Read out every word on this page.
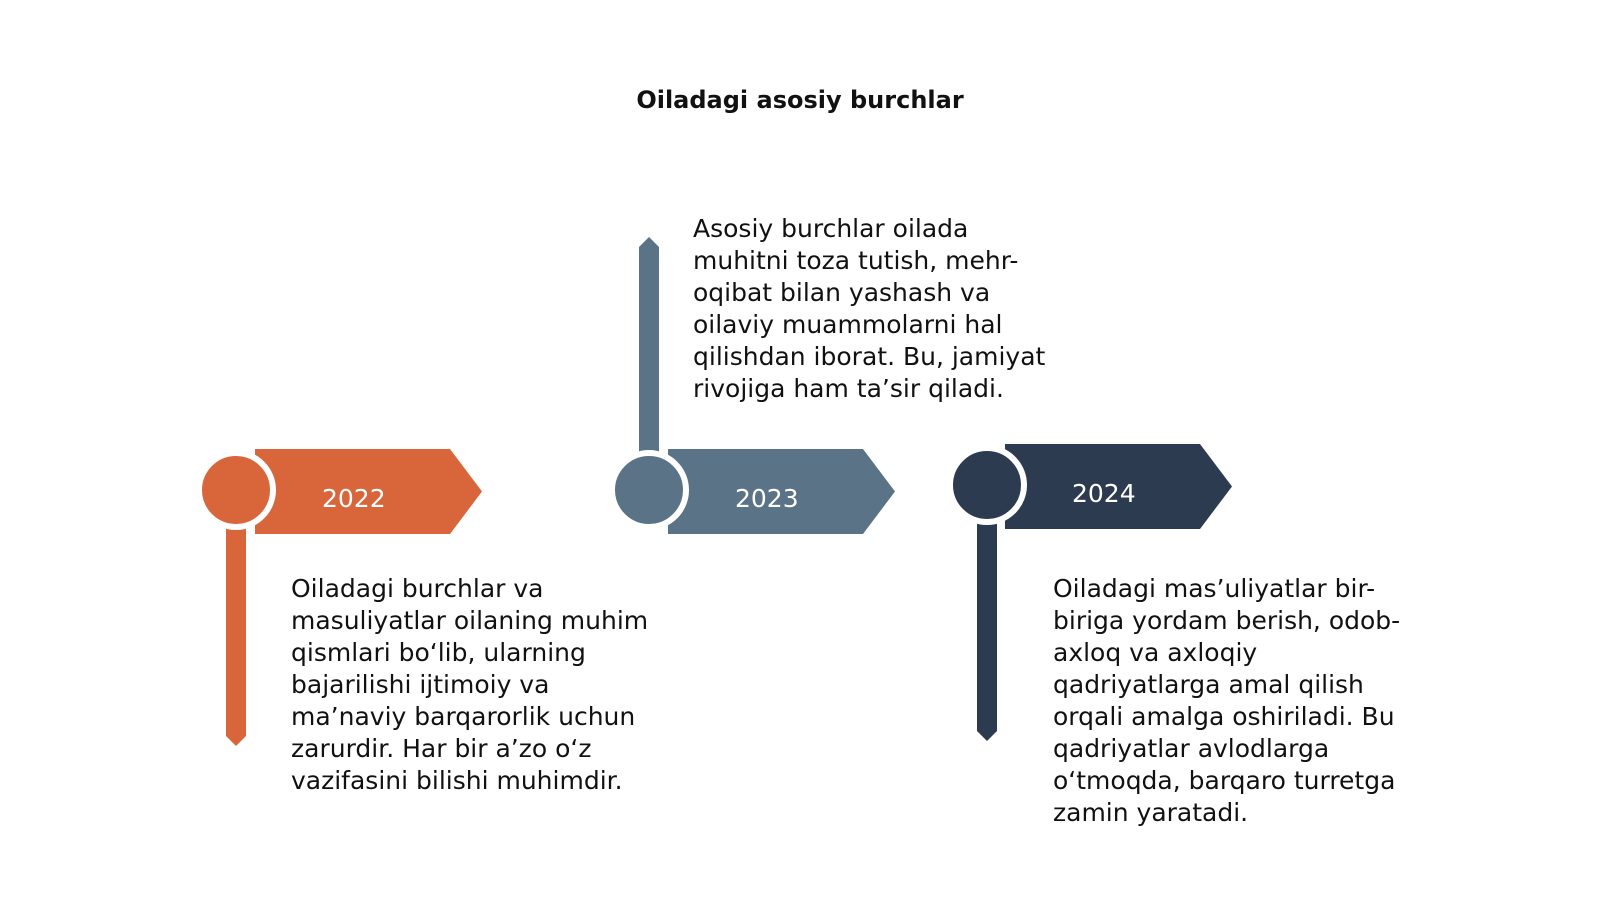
Oiladagi asosiy burchlar
2022

Oiladagi burchlar va masuliyatlar oilaning muhim qismlari bo‘lib, ularning bajarilishi ijtimoiy va ma’naviy barqarorlik uchun zarurdir. Har bir a’zo o‘z vazifasini bilishi muhimdir.

2023

Asosiy burchlar oilada muhitni toza tutish, mehr-oqibat bilan yashash va oilaviy muammolarni hal qilishdan iborat. Bu, jamiyat rivojiga ham ta’sir qiladi.

2024

Oiladagi mas’uliyatlar bir-biriga yordam berish, odob-axloq va axloqiy qadriyatlarga amal qilish orqali amalga oshiriladi. Bu qadriyatlar avlodlarga o‘tmoqda, barqaro turretga zamin yaratadi.
